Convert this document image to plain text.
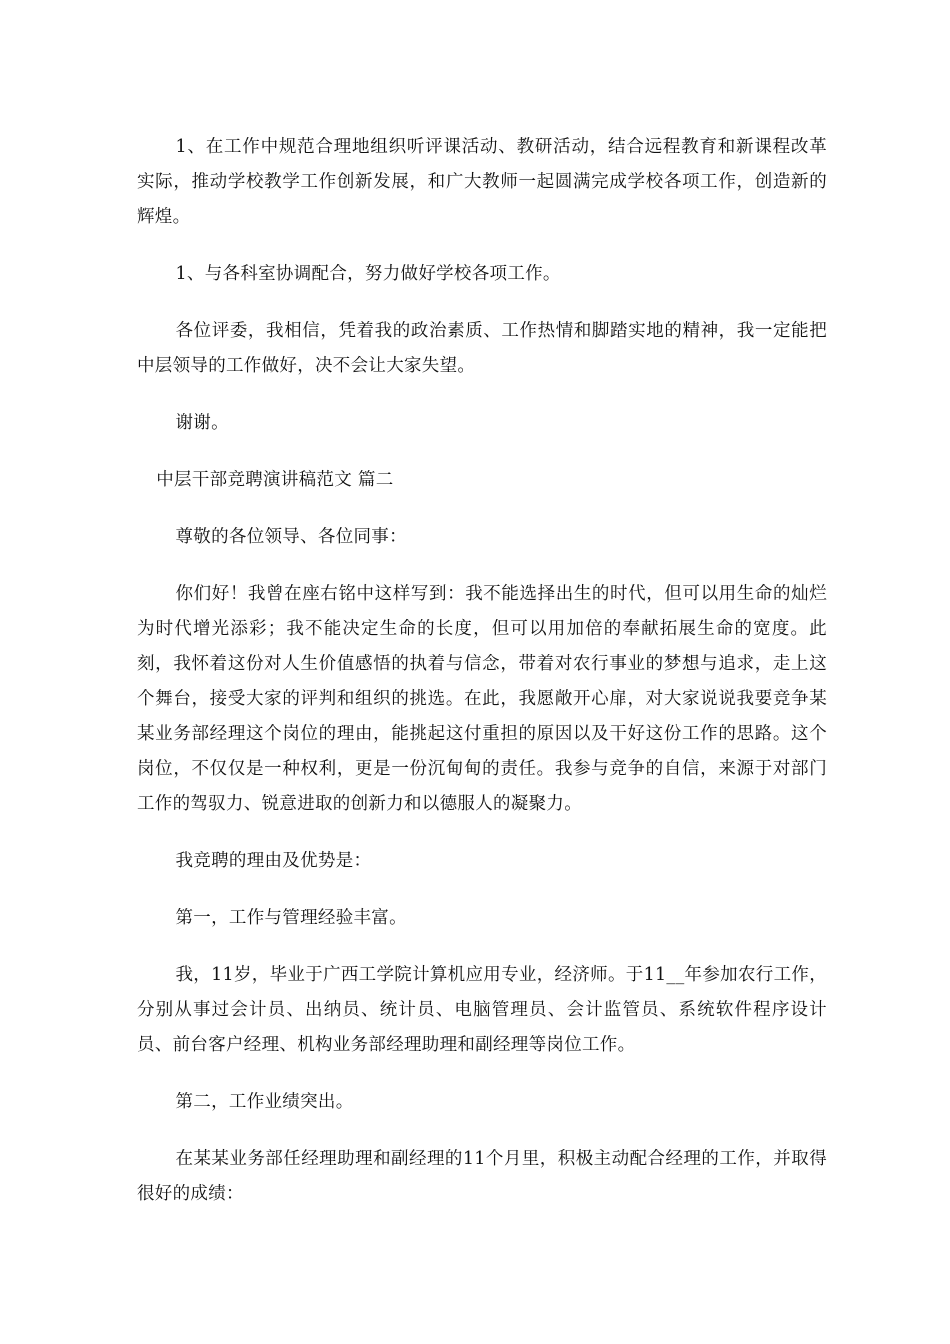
1、在工作中规范合理地组织听评课活动、教研活动，结合远程教育和新课程改革实际，推动学校教学工作创新发展，和广大教师一起圆满完成学校各项工作，创造新的辉煌。

1、与各科室协调配合，努力做好学校各项工作。

各位评委，我相信，凭着我的政治素质、工作热情和脚踏实地的精神，我一定能把中层领导的工作做好，决不会让大家失望。

谢谢。

中层干部竞聘演讲稿范文 篇二

尊敬的各位领导、各位同事：

你们好！我曾在座右铭中这样写到：我不能选择出生的时代，但可以用生命的灿烂为时代增光添彩；我不能决定生命的长度，但可以用加倍的奉献拓展生命的宽度。此刻，我怀着这份对人生价值感悟的执着与信念，带着对农行事业的梦想与追求，走上这个舞台，接受大家的评判和组织的挑选。在此，我愿敞开心扉，对大家说说我要竞争某某业务部经理这个岗位的理由，能挑起这付重担的原因以及干好这份工作的思路。这个岗位，不仅仅是一种权利，更是一份沉甸甸的责任。我参与竞争的自信，来源于对部门工作的驾驭力、锐意进取的创新力和以德服人的凝聚力。

我竞聘的理由及优势是：

第一，工作与管理经验丰富。

我，11岁，毕业于广西工学院计算机应用专业，经济师。于11__年参加农行工作，分别从事过会计员、出纳员、统计员、电脑管理员、会计监管员、系统软件程序设计员、前台客户经理、机构业务部经理助理和副经理等岗位工作。

第二，工作业绩突出。

在某某业务部任经理助理和副经理的11个月里，积极主动配合经理的工作，并取得很好的成绩：
